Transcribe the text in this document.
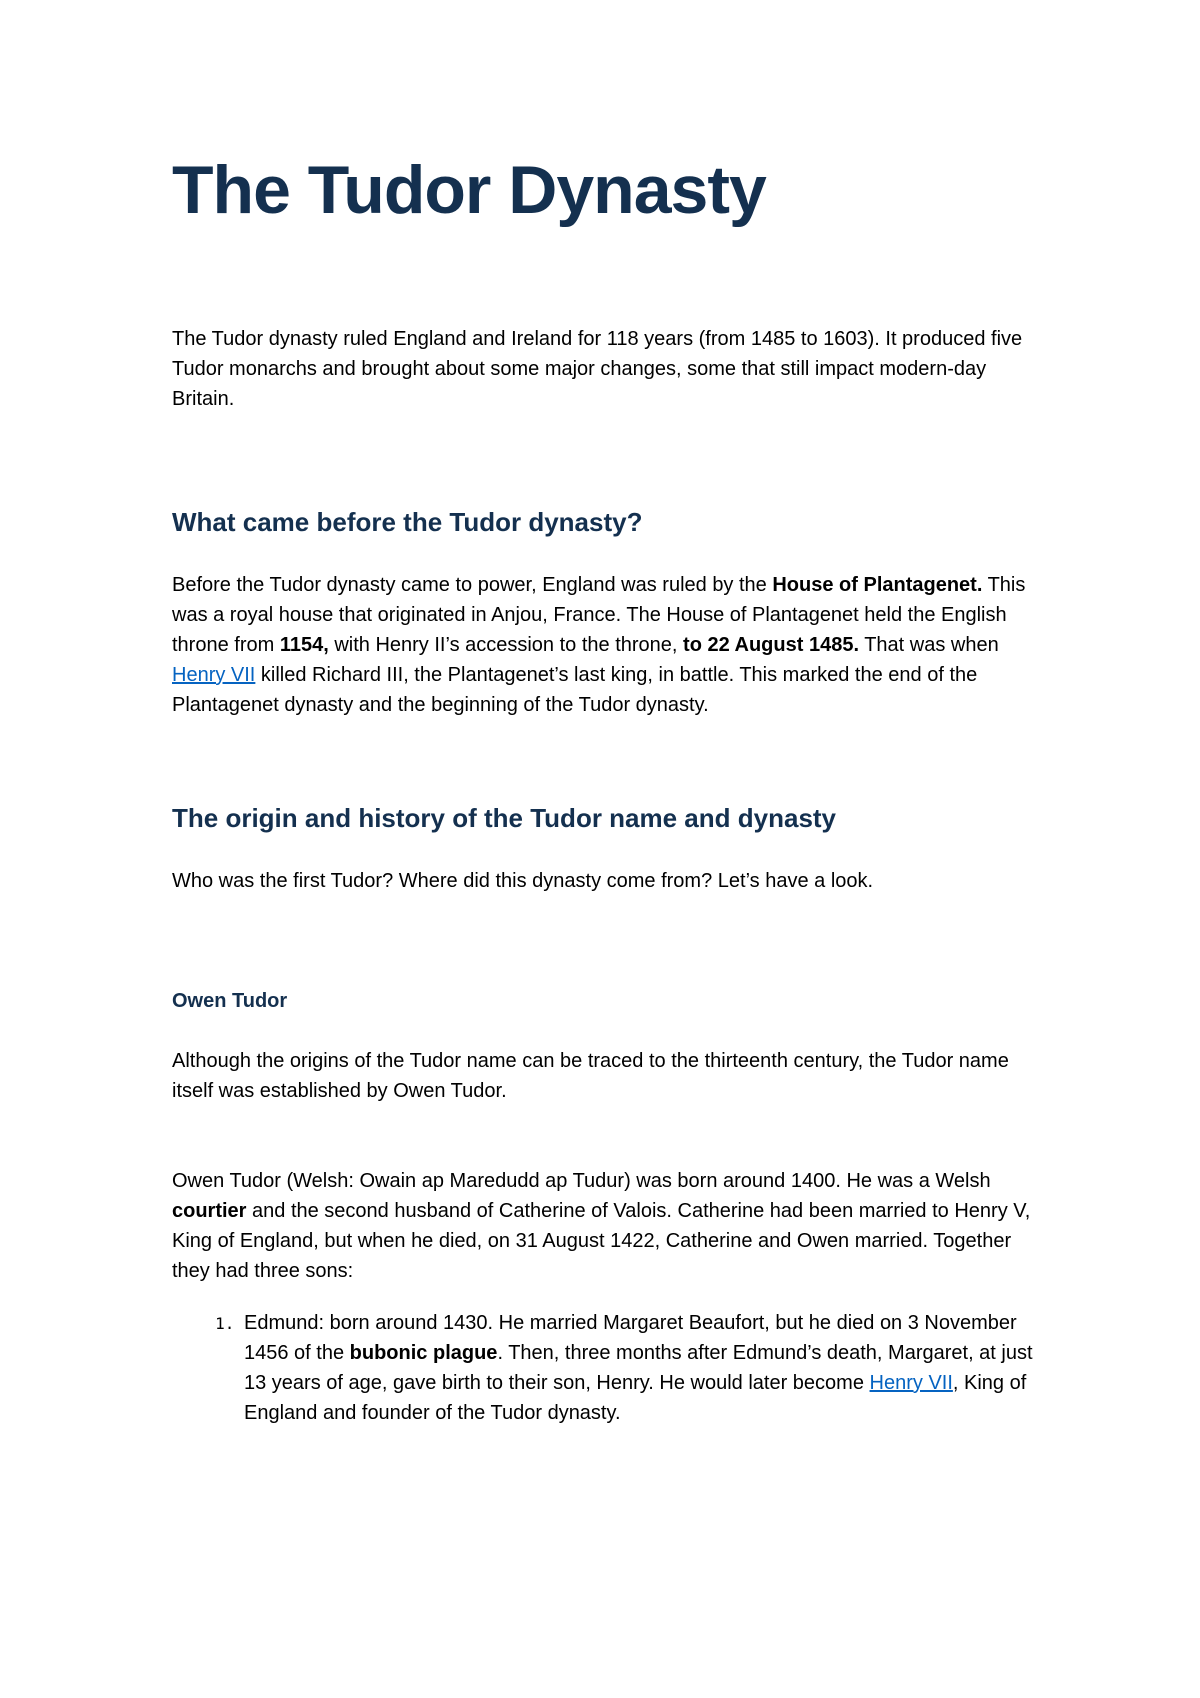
The Tudor Dynasty

The Tudor dynasty ruled England and Ireland for 118 years (from 1485 to 1603). It produced five Tudor monarchs and brought about some major changes, some that still impact modern-day Britain.

What came before the Tudor dynasty?

Before the Tudor dynasty came to power, England was ruled by the House of Plantagenet. This was a royal house that originated in Anjou, France. The House of Plantagenet held the English throne from 1154, with Henry II’s accession to the throne, to 22 August 1485. That was when Henry VII killed Richard III, the Plantagenet’s last king, in battle. This marked the end of the Plantagenet dynasty and the beginning of the Tudor dynasty.

The origin and history of the Tudor name and dynasty

Who was the first Tudor? Where did this dynasty come from? Let’s have a look.

Owen Tudor

Although the origins of the Tudor name can be traced to the thirteenth century, the Tudor name itself was established by Owen Tudor.

Owen Tudor (Welsh: Owain ap Maredudd ap Tudur) was born around 1400. He was a Welsh courtier and the second husband of Catherine of Valois. Catherine had been married to Henry V, King of England, but when he died, on 31 August 1422, Catherine and Owen married. Together they had three sons:

1. Edmund: born around 1430. He married Margaret Beaufort, but he died on 3 November 1456 of the bubonic plague. Then, three months after Edmund’s death, Margaret, at just 13 years of age, gave birth to their son, Henry. He would later become Henry VII, King of England and founder of the Tudor dynasty.
